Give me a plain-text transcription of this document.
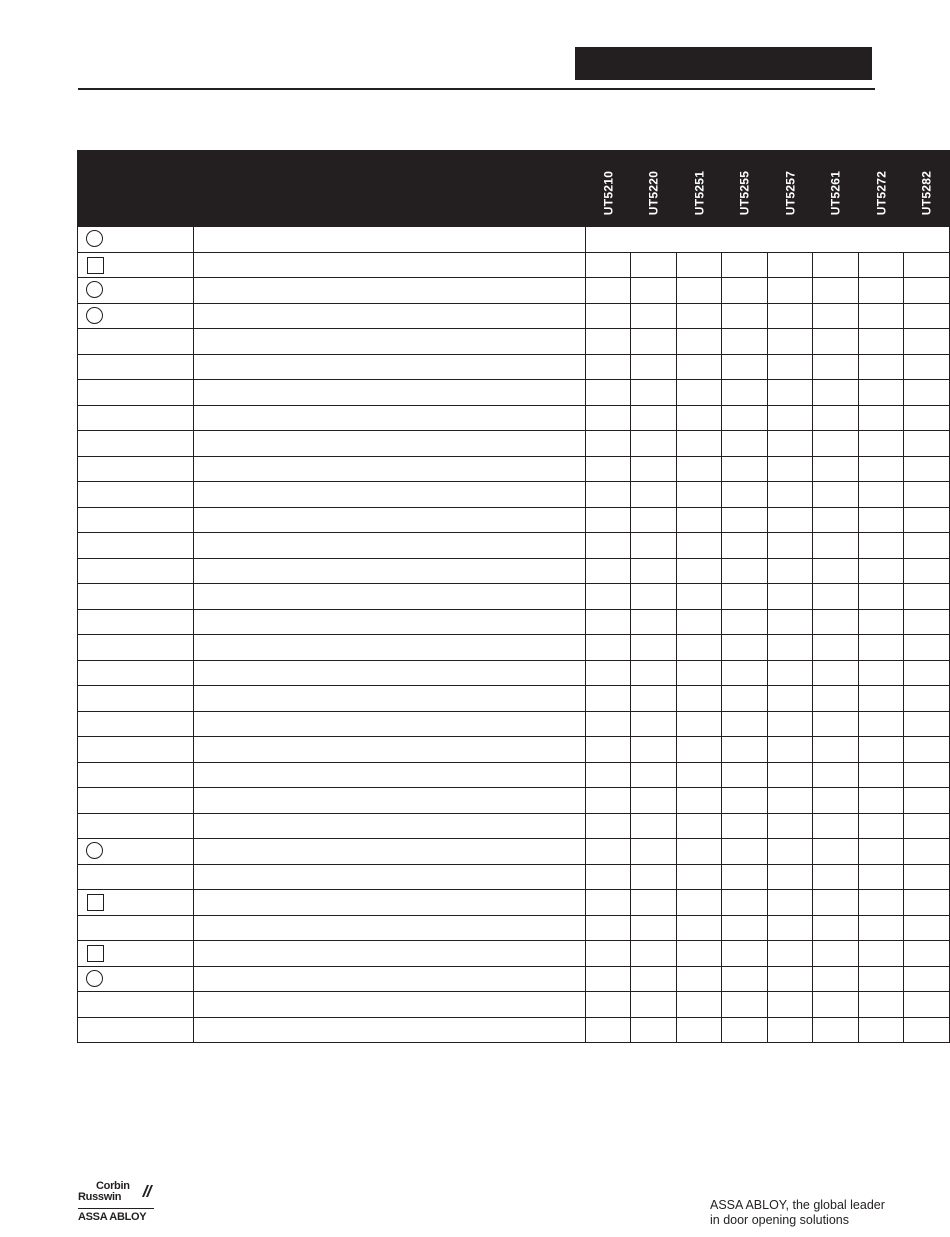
		UT5210	UT5220	UT5251	UT5255	UT5257	UT5261	UT5272	UT5282

Corbin
Russwin
ASSA ABLOY
ASSA ABLOY, the global leader
in door opening solutions
